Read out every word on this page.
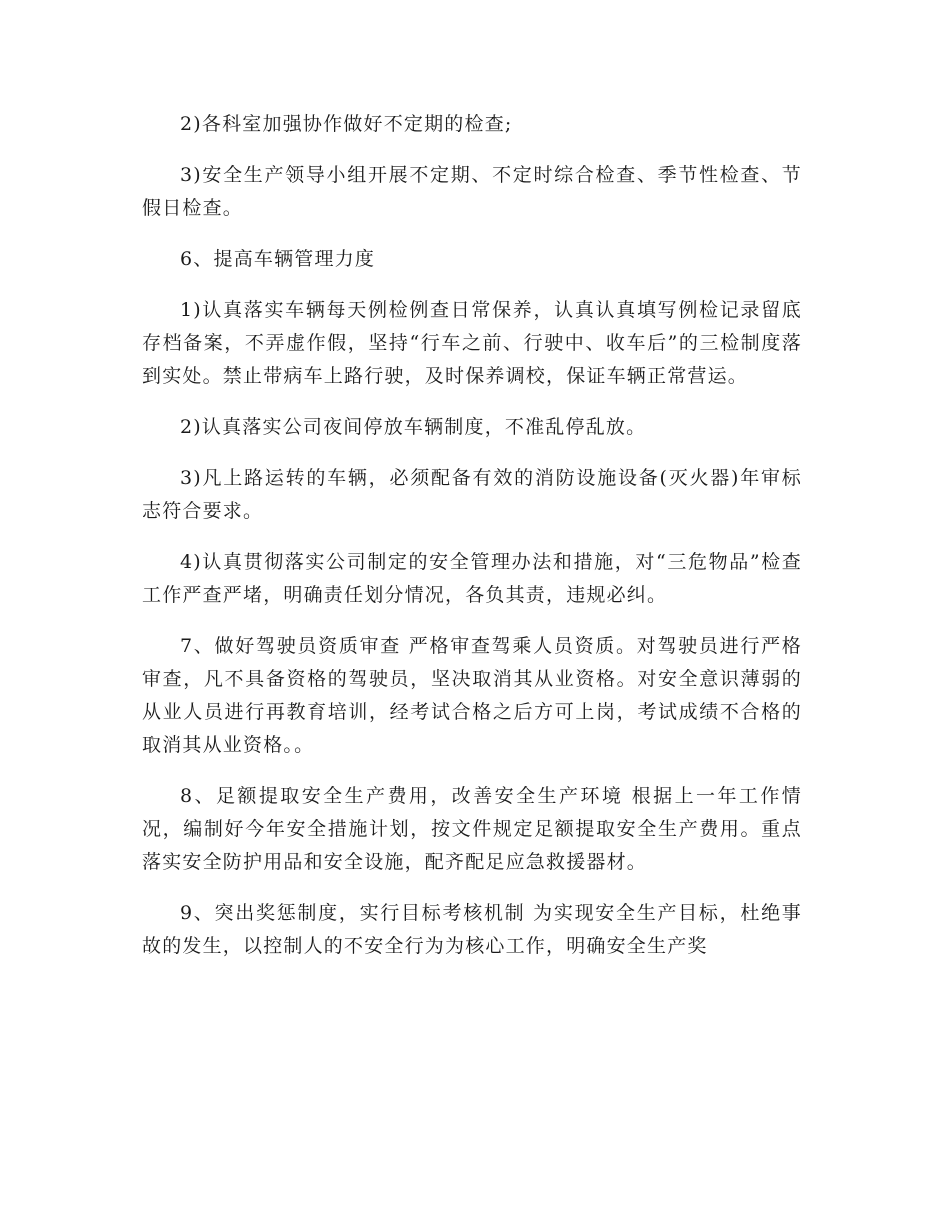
2)各科室加强协作做好不定期的检查;

3)安全生产领导小组开展不定期、不定时综合检查、季节性检查、节假日检查。

6、提高车辆管理力度

1)认真落实车辆每天例检例查日常保养，认真认真填写例检记录留底存档备案，不弄虚作假，坚持“行车之前、行驶中、收车后”的三检制度落到实处。禁止带病车上路行驶，及时保养调校，保证车辆正常营运。

2)认真落实公司夜间停放车辆制度，不准乱停乱放。

3)凡上路运转的车辆，必须配备有效的消防设施设备(灭火器)年审标志符合要求。

4)认真贯彻落实公司制定的安全管理办法和措施，对“三危物品”检查工作严查严堵，明确责任划分情况，各负其责，违规必纠。

7、做好驾驶员资质审查 严格审查驾乘人员资质。对驾驶员进行严格审查，凡不具备资格的驾驶员，坚决取消其从业资格。对安全意识薄弱的从业人员进行再教育培训，经考试合格之后方可上岗，考试成绩不合格的取消其从业资格。。

8、足额提取安全生产费用，改善安全生产环境 根据上一年工作情况，编制好今年安全措施计划，按文件规定足额提取安全生产费用。重点落实安全防护用品和安全设施，配齐配足应急救援器材。

9、突出奖惩制度，实行目标考核机制 为实现安全生产目标，杜绝事故的发生，以控制人的不安全行为为核心工作，明确安全生产奖
